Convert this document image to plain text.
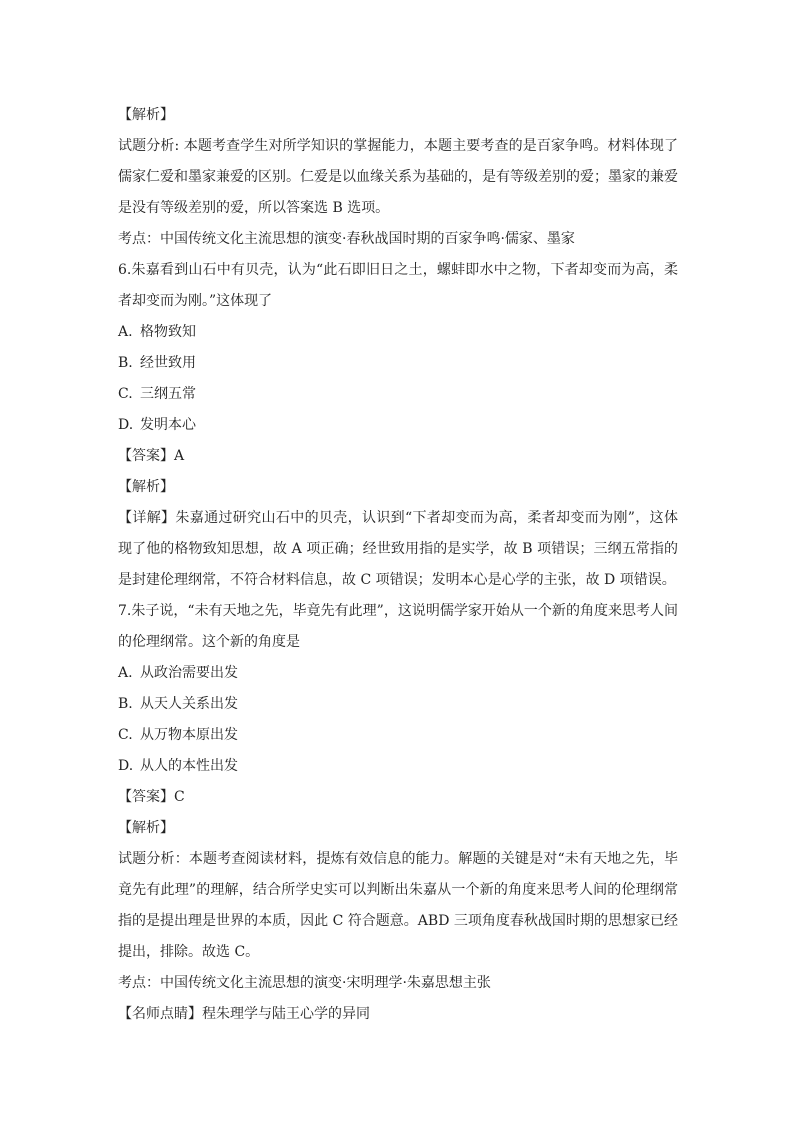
【解析】

试题分析: 本题考查学生对所学知识的掌握能力，本题主要考查的是百家争鸣。材料体现了儒家仁爱和墨家兼爱的区别。仁爱是以血缘关系为基础的，是有等级差别的爱；墨家的兼爱是没有等级差别的爱，所以答案选 B 选项。

考点：中国传统文化主流思想的演变·春秋战国时期的百家争鸣·儒家、墨家

6.朱嘉看到山石中有贝壳，认为“此石即旧日之土，螺蚌即水中之物，下者却变而为高，柔者却变而为刚。”这体现了

A. 格物致知

B. 经世致用

C. 三纲五常

D. 发明本心

【答案】A

【解析】

【详解】朱嘉通过研究山石中的贝壳，认识到“下者却变而为高，柔者却变而为刚”，这体现了他的格物致知思想，故 A 项正确；经世致用指的是实学，故 B 项错误；三纲五常指的是封建伦理纲常，不符合材料信息，故 C 项错误；发明本心是心学的主张，故 D 项错误。

7.朱子说，“未有天地之先，毕竟先有此理”，这说明儒学家开始从一个新的角度来思考人间的伦理纲常。这个新的角度是

A. 从政治需要出发

B. 从天人关系出发

C. 从万物本原出发

D. 从人的本性出发

【答案】C

【解析】

试题分析：本题考查阅读材料，提炼有效信息的能力。解题的关键是对“未有天地之先，毕竟先有此理”的理解，结合所学史实可以判断出朱嘉从一个新的角度来思考人间的伦理纲常指的是提出理是世界的本质，因此 C 符合题意。ABD 三项角度春秋战国时期的思想家已经提出，排除。故选 C。

考点：中国传统文化主流思想的演变·宋明理学·朱嘉思想主张

【名师点睛】程朱理学与陆王心学的异同
